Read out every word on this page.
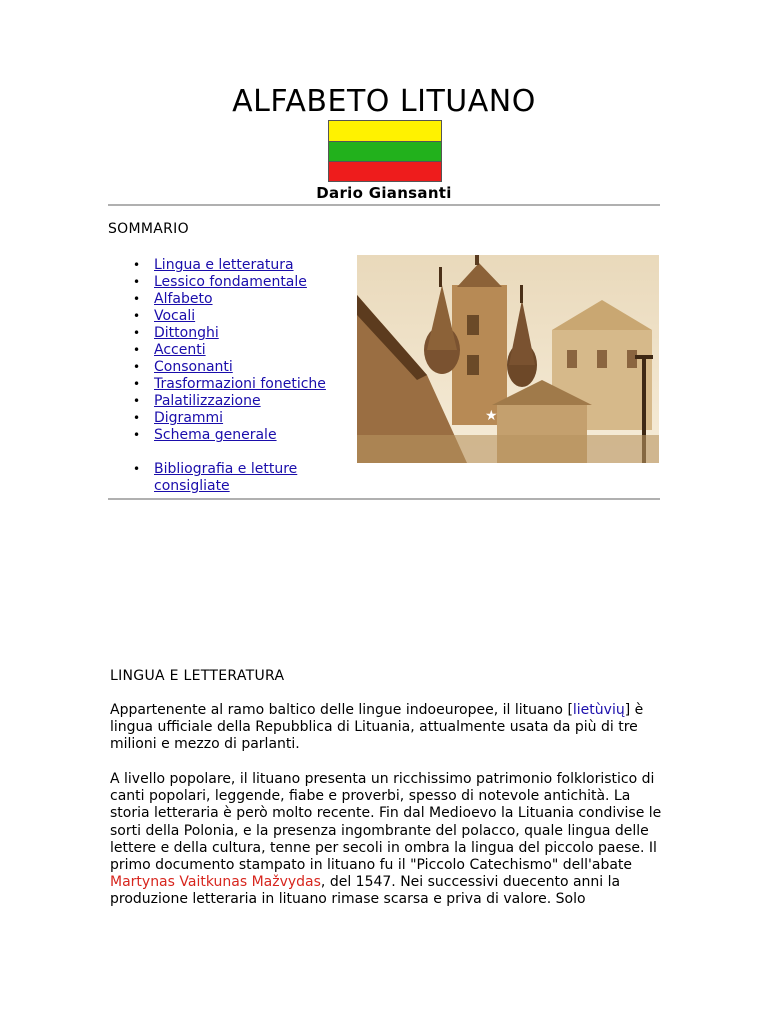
ALFABETO LITUANO
Dario Giansanti
SOMMARIO
• Lingua e letteratura
• Lessico fondamentale
• Alfabeto
• Vocali
• Dittonghi
• Accenti
• Consonanti
• Trasformazioni fonetiche
• Palatilizzazione
• Digrammi
• Schema generale
• Bibliografia e letture consigliate
★
LINGUA E LETTERATURA

Appartenente al ramo baltico delle lingue indoeuropee, il lituano [lietùvių] è lingua ufficiale della Repubblica di Lituania, attualmente usata da più di tre milioni e mezzo di parlanti.

A livello popolare, il lituano presenta un ricchissimo patrimonio folkloristico di canti popolari, leggende, fiabe e proverbi, spesso di notevole antichità. La storia letteraria è però molto recente. Fin dal Medioevo la Lituania condivise le sorti della Polonia, e la presenza ingombrante del polacco, quale lingua delle lettere e della cultura, tenne per secoli in ombra la lingua del piccolo paese. Il primo documento stampato in lituano fu il "Piccolo Catechismo" dell'abate Martynas Vaitkunas Mažvydas, del 1547. Nei successivi duecento anni la produzione letteraria in lituano rimase scarsa e priva di valore. Solo
